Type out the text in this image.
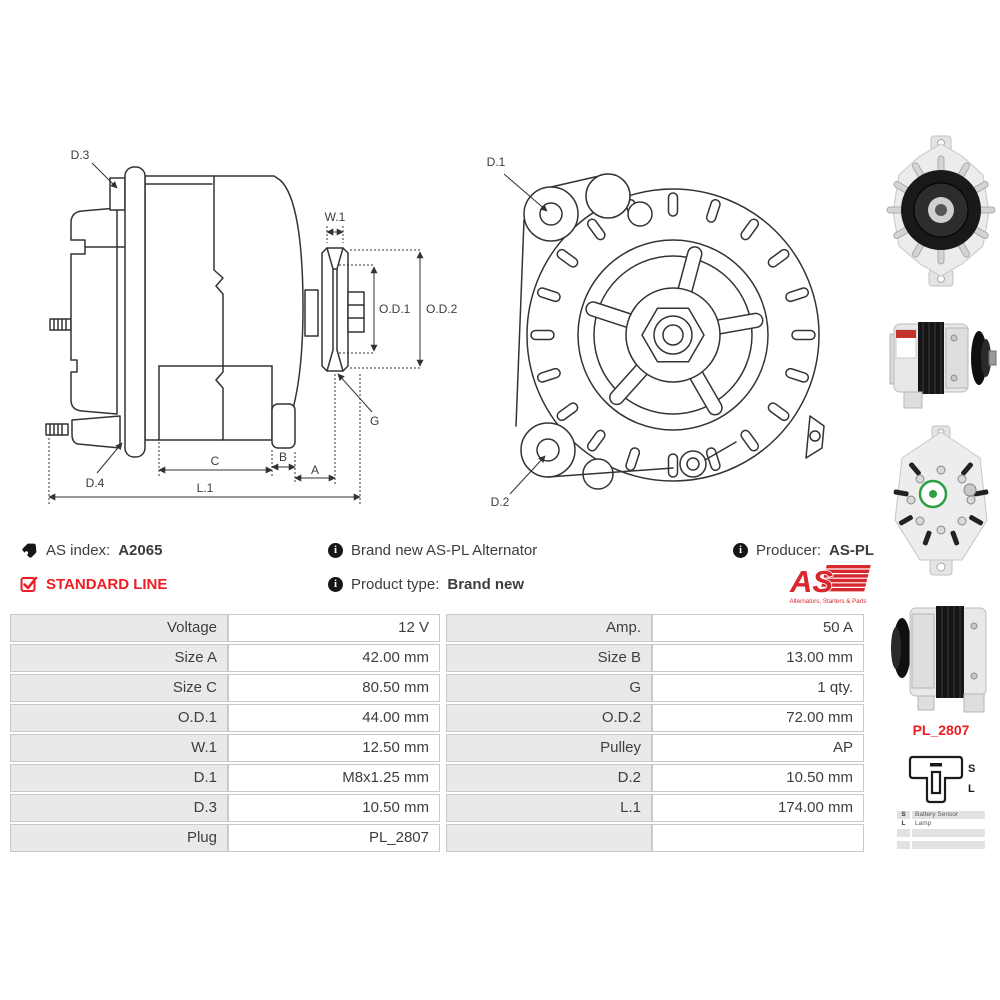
D.3
W.1
O.D.1 O.D.2
G
D.4
C	B
A
L.1
D.1
D.2
AS index: A2065	i Brand new AS-PL Alternator	i Producer: AS-PL
STANDARD LINE	i Product type: Brand new	AS
Alternators, Starters & Parts
Voltage	12 V	Amp.	50 A
Size A	42.00 mm	Size B	13.00 mm
Size C	80.50 mm	G	1 qty.
O.D.1	44.00 mm	O.D.2	72.00 mm
W.1	12.50 mm	Pulley	AP
D.1	M8x1.25 mm	D.2	10.50 mm
D.3	10.50 mm	L.1	174.00 mm
Plug	PL_2807
PL_2807
S
L
S	Battery Sensor
L	Lamp
